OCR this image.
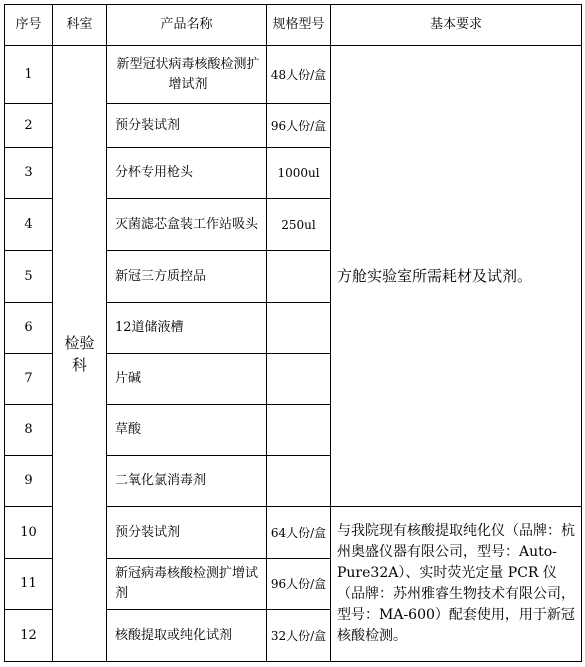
序号	科室	产品名称	规格型号	基本要求
1	检验科	新型冠状病毒核酸检测扩增试剂	48人份/盒	方舱实验室所需耗材及试剂。
2		预分装试剂	96人份/盒	
3		分杯专用枪头	1000ul	
4		灭菌滤芯盒装工作站吸头	250ul	
5		新冠三方质控品		
6		12道储液槽		
7		片碱		
8		草酸		
9		二氧化氯消毒剂		
10		预分装试剂	64人份/盒	与我院现有核酸提取纯化仪（品牌：杭州奥盛仪器有限公司，型号：Auto-Pure32A）、实时荧光定量 PCR 仪（品牌：苏州雅睿生物技术有限公司，型号：MA-600）配套使用，用于新冠核酸检测。
11		新冠病毒核酸检测扩增试剂	96人份/盒	
12		核酸提取或纯化试剂	32人份/盒	
